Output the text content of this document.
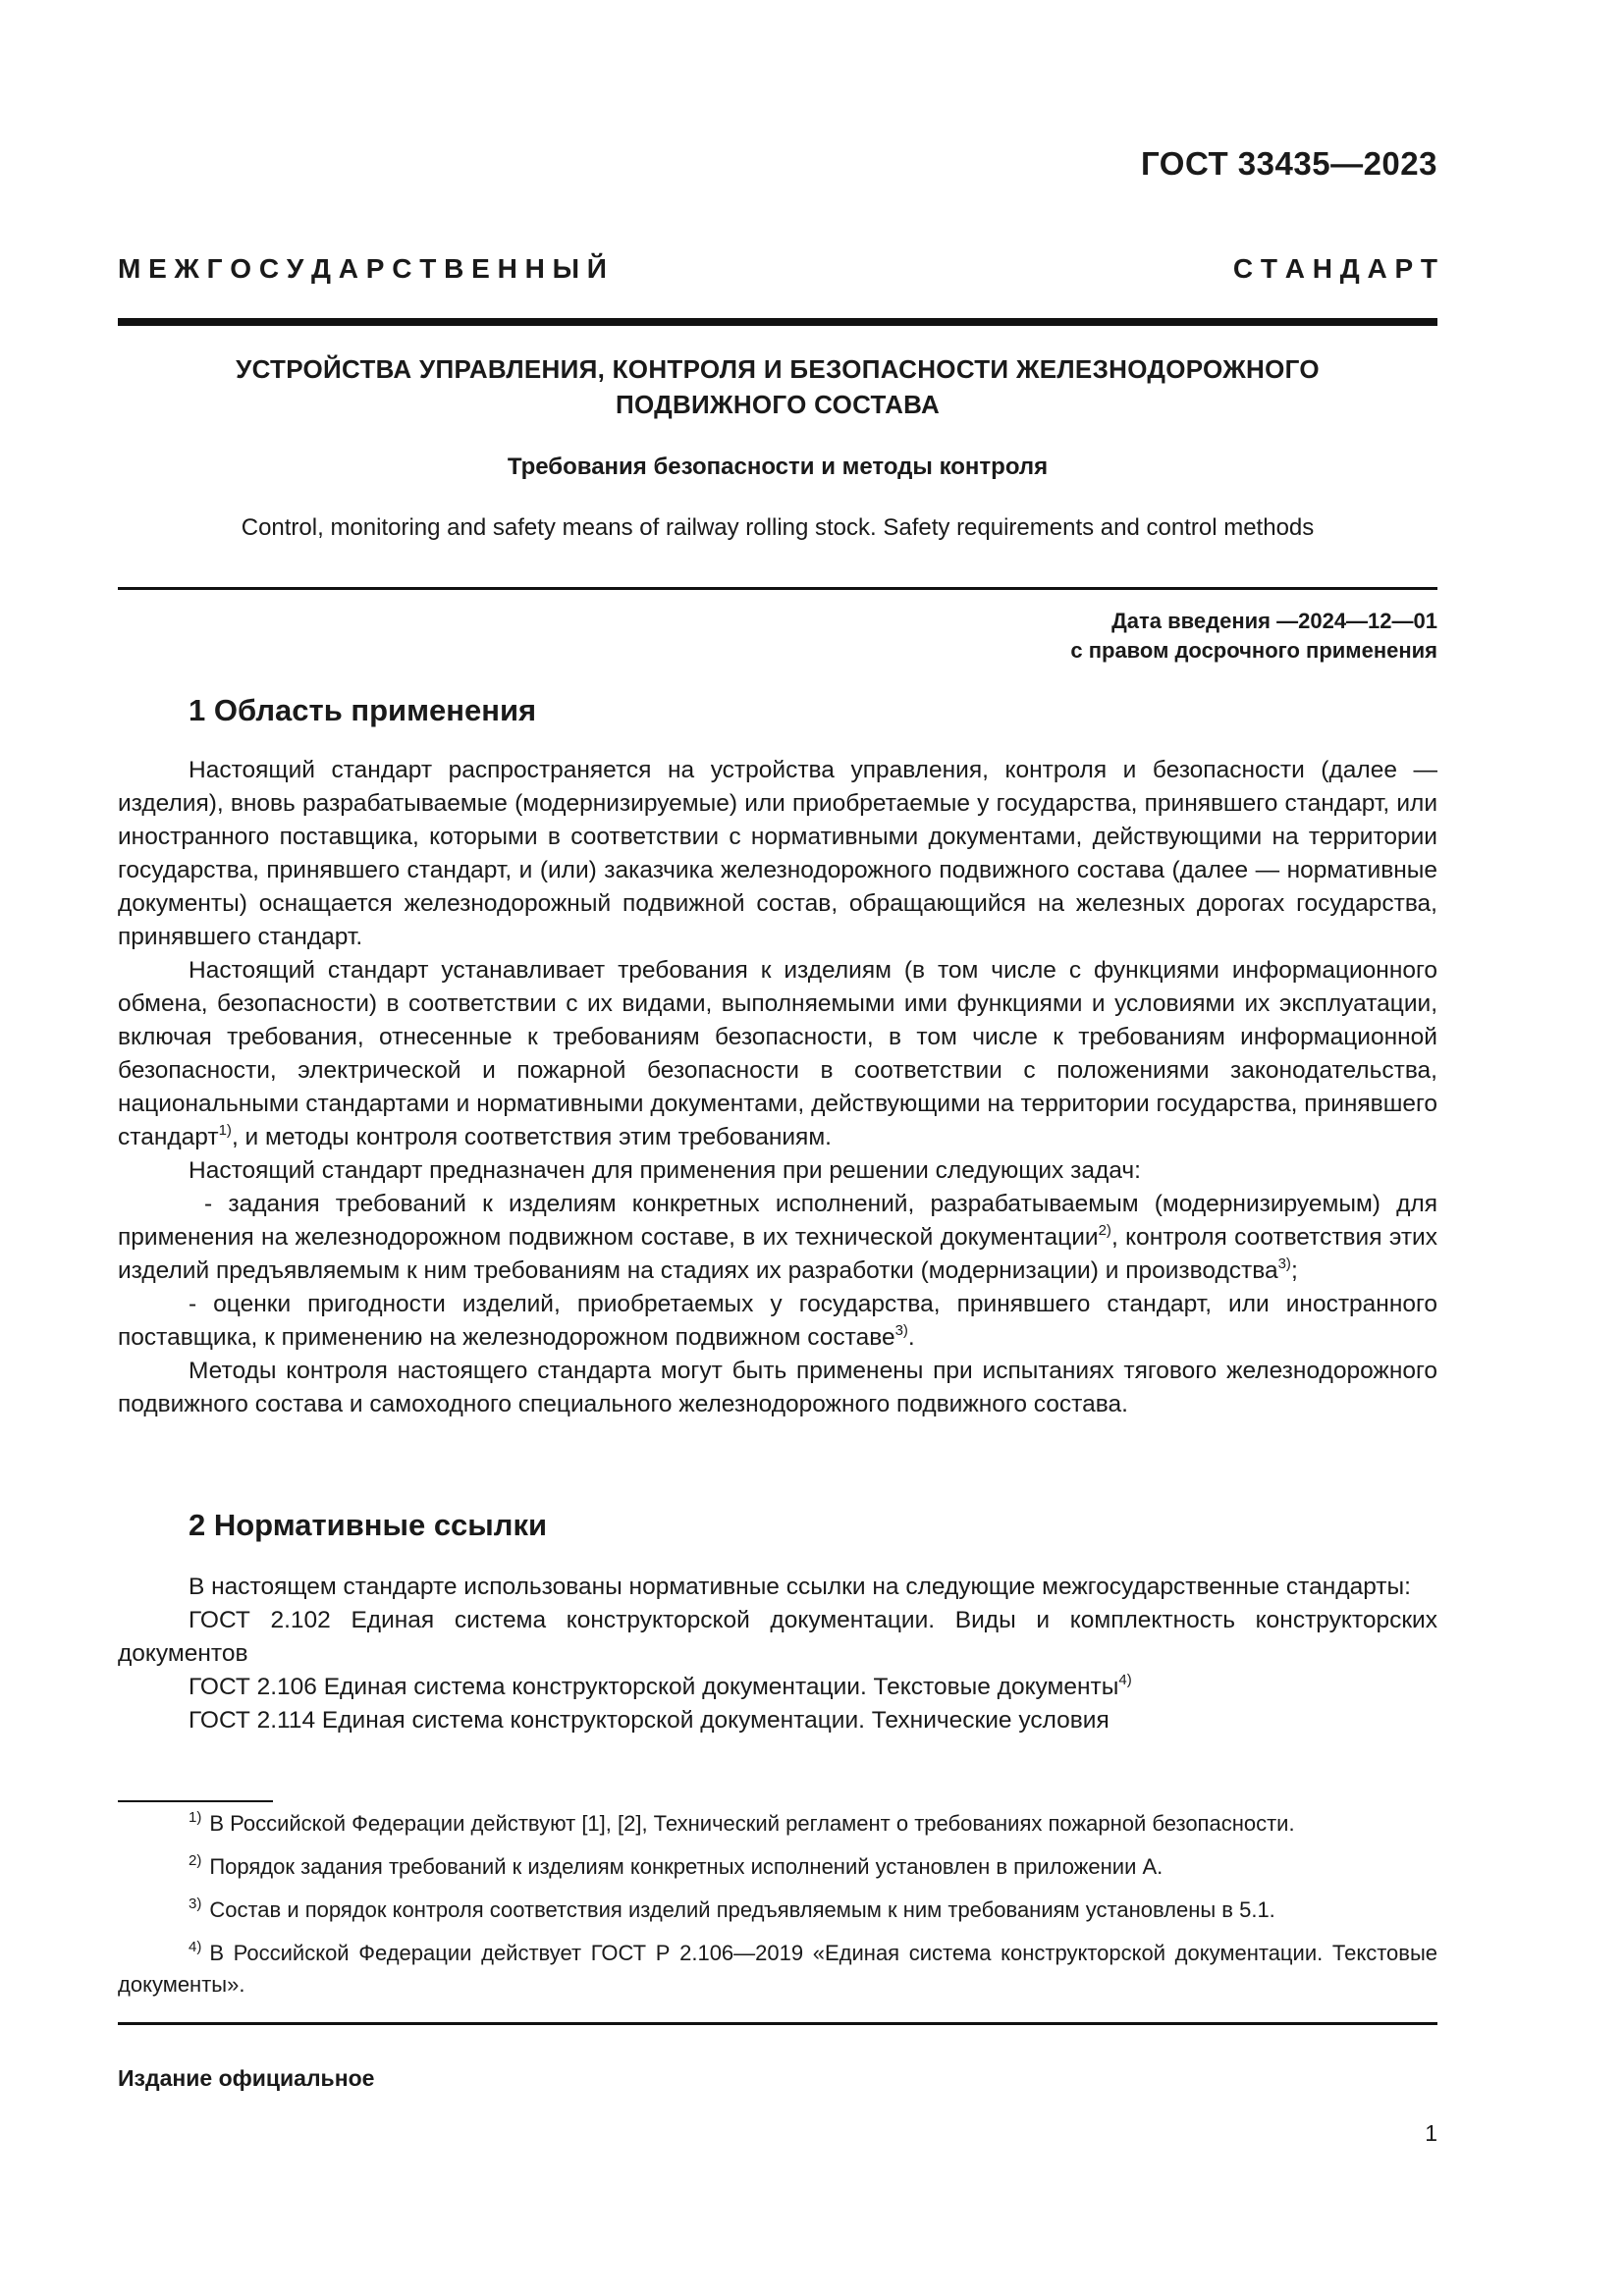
ГОСТ 33435—2023
М Е Ж Г О С У Д А Р С Т В Е Н Н Ы Й	С Т А Н Д А Р Т
УСТРОЙСТВА УПРАВЛЕНИЯ, КОНТРОЛЯ И БЕЗОПАСНОСТИ ЖЕЛЕЗНОДОРОЖНОГО
ПОДВИЖНОГО СОСТАВА
Требования безопасности и методы контроля
Control, monitoring and safety means of railway rolling stock. Safety requirements and control methods
Дата введения —2024—12—01
с правом досрочного применения
1 Область применения

Настоящий стандарт распространяется на устройства управления, контроля и безопасности (далее — изделия), вновь разрабатываемые (модернизируемые) или приобретаемые у государства, принявшего стандарт, или иностранного поставщика, которыми в соответствии с нормативными документами, действующими на территории государства, принявшего стандарт, и (или) заказчика железнодорожного подвижного состава (далее — нормативные документы) оснащается железнодорожный подвижной состав, обращающийся на железных дорогах государства, принявшего стандарт.

Настоящий стандарт устанавливает требования к изделиям (в том числе с функциями информационного обмена, безопасности) в соответствии с их видами, выполняемыми ими функциями и условиями их эксплуатации, включая требования, отнесенные к требованиям безопасности, в том числе к требованиям информационной безопасности, электрической и пожарной безопасности в соответствии с положениями законодательства, национальными стандартами и нормативными документами, действующими на территории государства, принявшего стандарт$^{1)}$, и методы контроля соответствия этим требованиям.

Настоящий стандарт предназначен для применения при решении следующих задач:

- задания требований к изделиям конкретных исполнений, разрабатываемым (модернизируемым) для применения на железнодорожном подвижном составе, в их технической документации$^{2)}$, контроля соответствия этих изделий предъявляемым к ним требованиям на стадиях их разработки (модернизации) и производства$^{3)}$;

- оценки пригодности изделий, приобретаемых у государства, принявшего стандарт, или иностранного поставщика, к применению на железнодорожном подвижном составе$^{3)}$.

Методы контроля настоящего стандарта могут быть применены при испытаниях тягового железнодорожного подвижного состава и самоходного специального железнодорожного подвижного состава.

2 Нормативные ссылки

В настоящем стандарте использованы нормативные ссылки на следующие межгосударственные стандарты:

ГОСТ 2.102 Единая система конструкторской документации. Виды и комплектность конструкторских документов

ГОСТ 2.106 Единая система конструкторской документации. Текстовые документы$^{4)}$

ГОСТ 2.114 Единая система конструкторской документации. Технические условия

$^{1)}$ В Российской Федерации действуют [1], [2], Технический регламент о требованиях пожарной безопасности.

$^{2)}$ Порядок задания требований к изделиям конкретных исполнений установлен в приложении А.

$^{3)}$ Состав и порядок контроля соответствия изделий предъявляемым к ним требованиям установлены в 5.1.

$^{4)}$ В Российской Федерации действует ГОСТ Р 2.106—2019 «Единая система конструкторской документации. Текстовые документы».

Издание официальное
1
